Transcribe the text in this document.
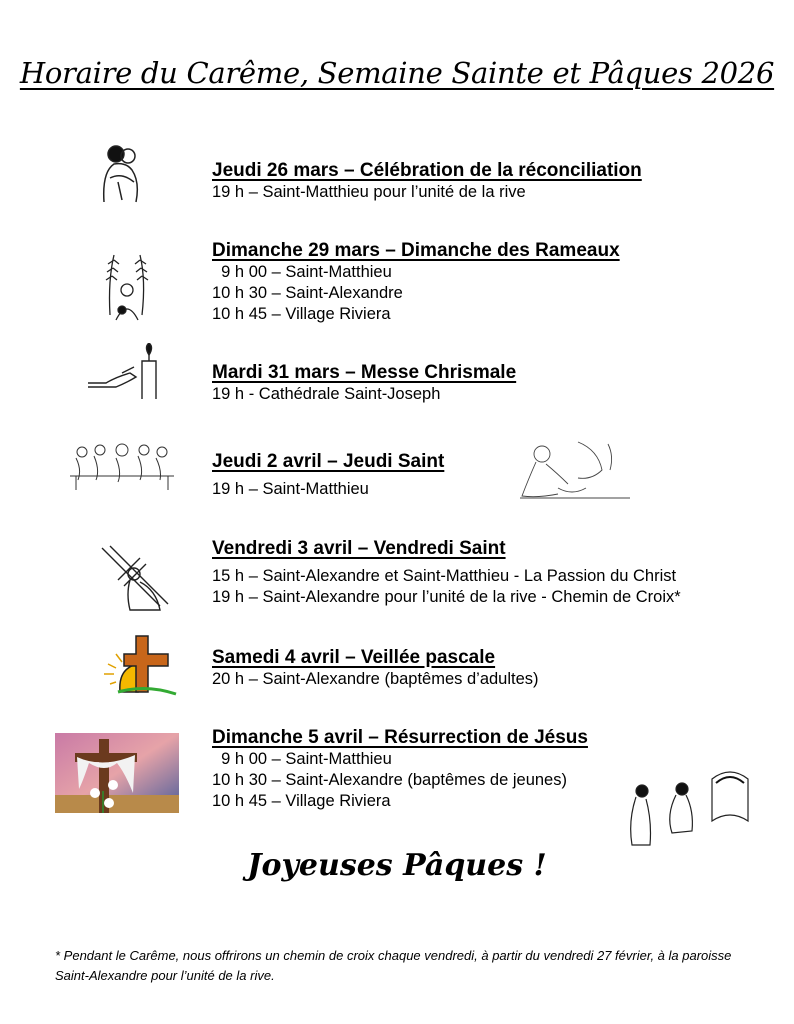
Horaire du Carême, Semaine Sainte et Pâques 2026
Jeudi 26 mars – Célébration de la réconciliation
19 h – Saint-Matthieu pour l’unité de la rive
Dimanche 29 mars – Dimanche des Rameaux
9 h 00 – Saint-Matthieu
10 h 30 – Saint-Alexandre
10 h 45 – Village Riviera
Mardi 31 mars – Messe Chrismale
19 h - Cathédrale Saint-Joseph
Jeudi 2 avril – Jeudi Saint
19 h – Saint-Matthieu
Vendredi 3 avril – Vendredi Saint
15 h – Saint-Alexandre et Saint-Matthieu - La Passion du Christ
19 h – Saint-Alexandre pour l’unité de la rive - Chemin de Croix*
Samedi 4 avril – Veillée pascale
20 h – Saint-Alexandre (baptêmes d’adultes)
Dimanche 5 avril – Résurrection de Jésus
9 h 00 – Saint-Matthieu
10 h 30 – Saint-Alexandre (baptêmes de jeunes)
10 h 45 – Village Riviera
Joyeuses Pâques !
* Pendant le Carême, nous offrirons un chemin de croix chaque vendredi, à partir du vendredi 27 février, à la paroisse Saint-Alexandre pour l’unité de la rive.
